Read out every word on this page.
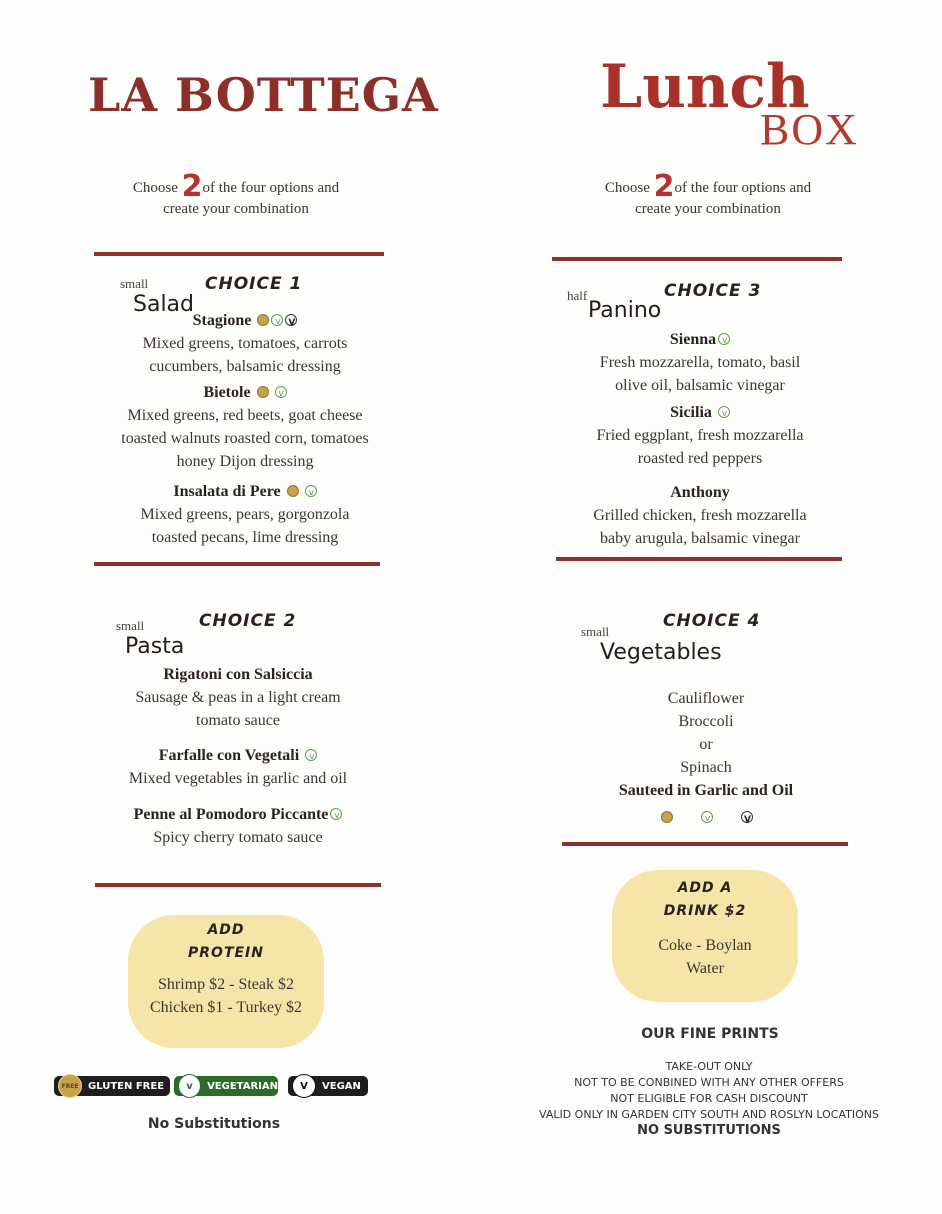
LA BOTTEGA	Lunch
BOX
Choose 2of the four options and
create your combination
Choose 2of the four options and
create your combination
small
Salad
CHOICE 1
Stagione vV
Mixed greens, tomatoes, carrots
cucumbers, balsamic dressing
Bietole  v
Mixed greens, red beets, goat cheese
toasted walnuts roasted corn, tomatoes
honey Dijon dressing
Insalata di Pere  v
Mixed greens, pears, gorgonzola
toasted pecans, lime dressing
half
Panino
CHOICE 3
Siennav
Fresh mozzarella, tomato, basil
olive oil, balsamic vinegar
Sicilia v
Fried eggplant, fresh mozzarella
roasted red peppers
Anthony
Grilled chicken, fresh mozzarella
baby arugula, balsamic vinegar
small
Pasta
CHOICE 2
Rigatoni con Salsiccia
Sausage & peas in a light cream
tomato sauce
Farfalle con Vegetali v
Mixed vegetables in garlic and oil
Penne al Pomodoro Piccantev
Spicy cherry tomato sauce
small
Vegetables
CHOICE 4
Cauliflower
Broccoli
or
Spinach
Sauteed in Garlic and Oil
v V
ADD
PROTEIN
Shrimp $2 - Steak $2
Chicken $1 - Turkey $2
ADD A
DRINK $2
Coke - Boylan
Water
FREE GLUTEN FREE	v	VEGETARIAN	V	VEGAN
No Substitutions
OUR FINE PRINTS
TAKE-OUT ONLY
NOT TO BE CONBINED WITH ANY OTHER OFFERS
NOT ELIGIBLE FOR CASH DISCOUNT
VALID ONLY IN GARDEN CITY SOUTH AND ROSLYN LOCATIONS
NO SUBSTITUTIONS
